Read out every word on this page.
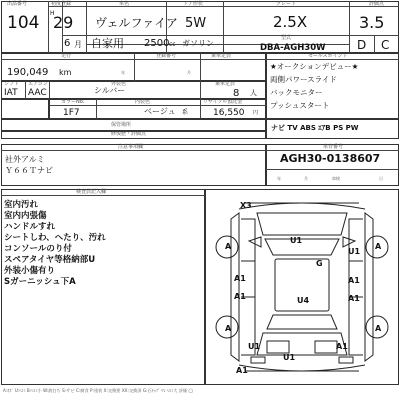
出品番号
104
初度登録
H
29
6 月
車名
ヴェルファイア
自家用
ドア形状
5W
2500 cc ガソリン
グレード
2.5X
型式
DBA-AGH30W
評価点
3.5
D C
走行	登録番号	乗車定員
190,049 km	年	月
シフト エアコン	外装色	乗車定員
IAT AAC	シルバー	8 人
カラーNo.	内装色	リサイクル預託金
1F7	ベージュ 系	16,550 円
保管場所
セールスポイント
★オークションデビュー★
両側パワースライド
バックモニター
プッシュスタート
ナビ TV ABS ｴｱB PS PW
修復歴・評価点
注意事項欄
社外アルミ
Ｙ６６Ｔナビ
車台番号
AGH30-0138607
年	月	車検	日
検査員記入欄
室内汚れ
室内内張傷
ハンドルすれ
シートしわ、へたり、汚れ
コンソールのり付
スペアタイヤ等格納部U
外装小傷有り
Sガーニッシュ下A
X3
A	A
U1
U1
G
A1	A1
A1	A1
U4
A	A
U1	A1
U1
A1
A:ｷｽﾞ U:ﾍｺﾐ B:ﾍｺﾐ小 W:波打ち S:サビ C:腐食 P:塗装 X:交換要 XX:交換済 G:石ﾁｯﾌﾟ ﾜﾚ ﾍｺﾐ大 評価 ◯
